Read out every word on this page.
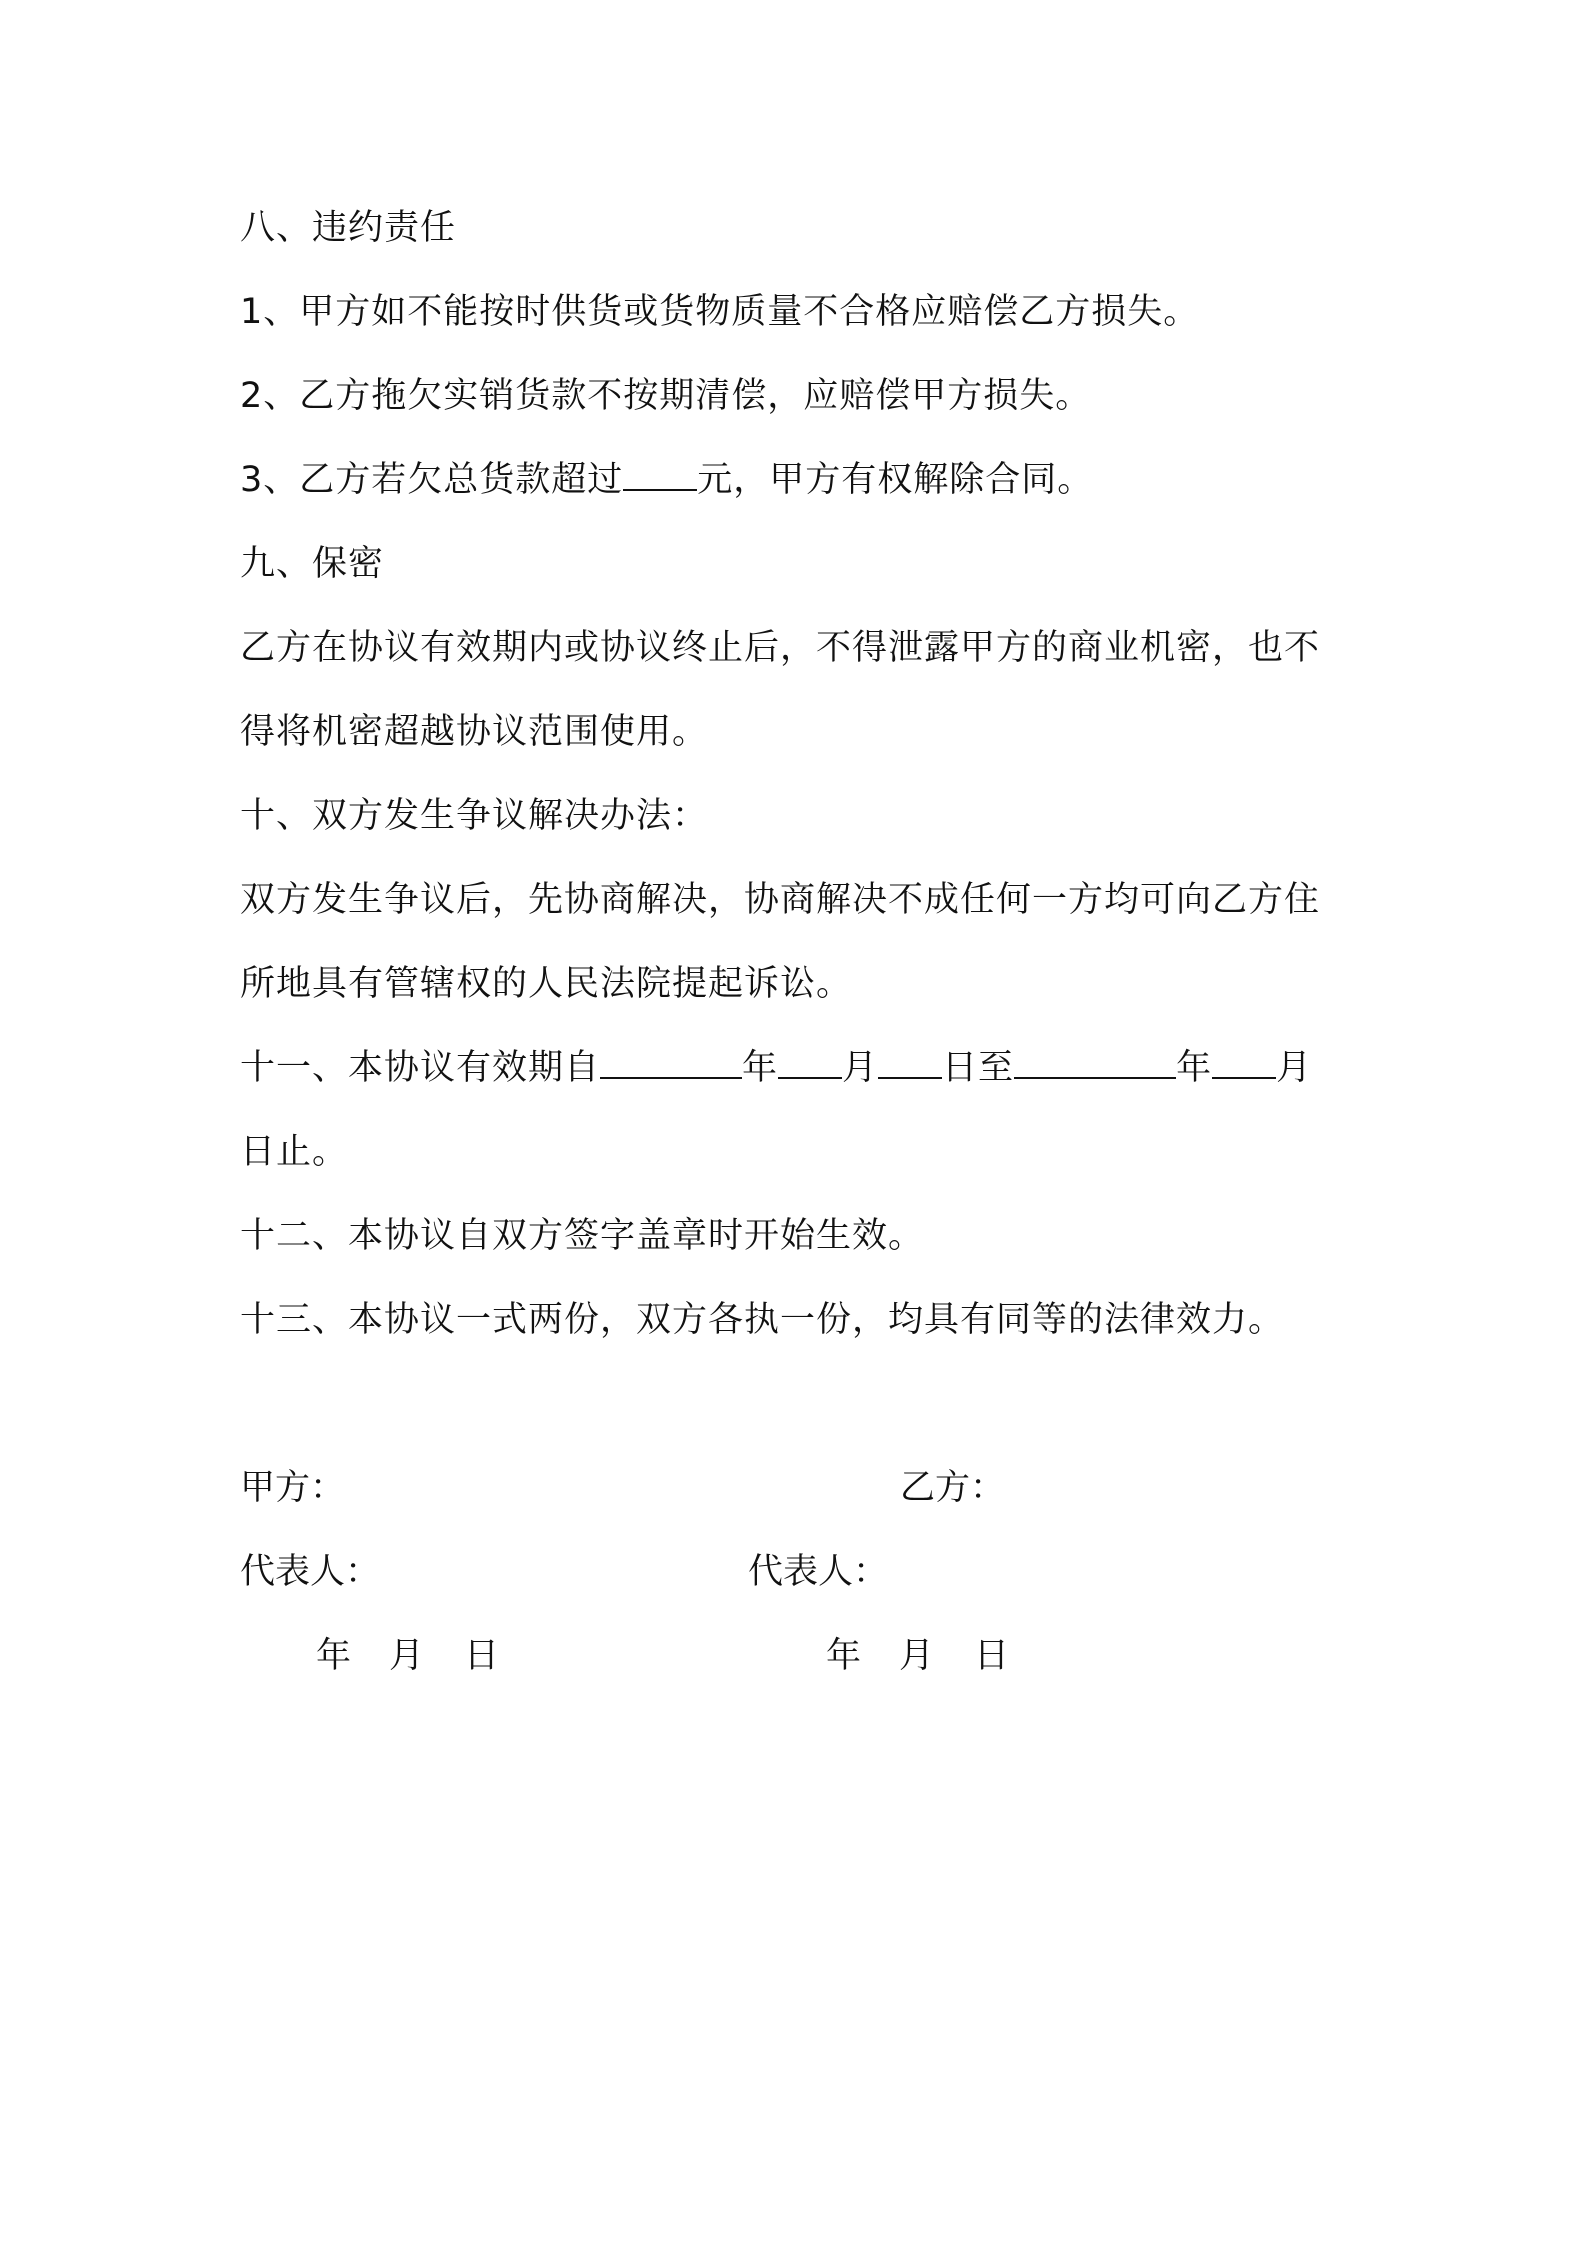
八、违约责任
1、甲方如不能按时供货或货物质量不合格应赔偿乙方损失。
2、乙方拖欠实销货款不按期清偿，应赔偿甲方损失。
3、乙方若欠总货款超过 元，甲方有权解除合同。
九、保密
乙方在协议有效期内或协议终止后，不得泄露甲方的商业机密，也不
得将机密超越协议范围使用。
十、双方发生争议解决办法：
双方发生争议后，先协商解决，协商解决不成任何一方均可向乙方住
所地具有管辖权的人民法院提起诉讼。
十一、本协议有效期自	年 月 日至	年 月
日止。
十二、本协议自双方签字盖章时开始生效。
十三、本协议一式两份，双方各执一份，均具有同等的法律效力。
甲方：	乙方：
代表人：	代表人：
年 月 日	年 月 日
